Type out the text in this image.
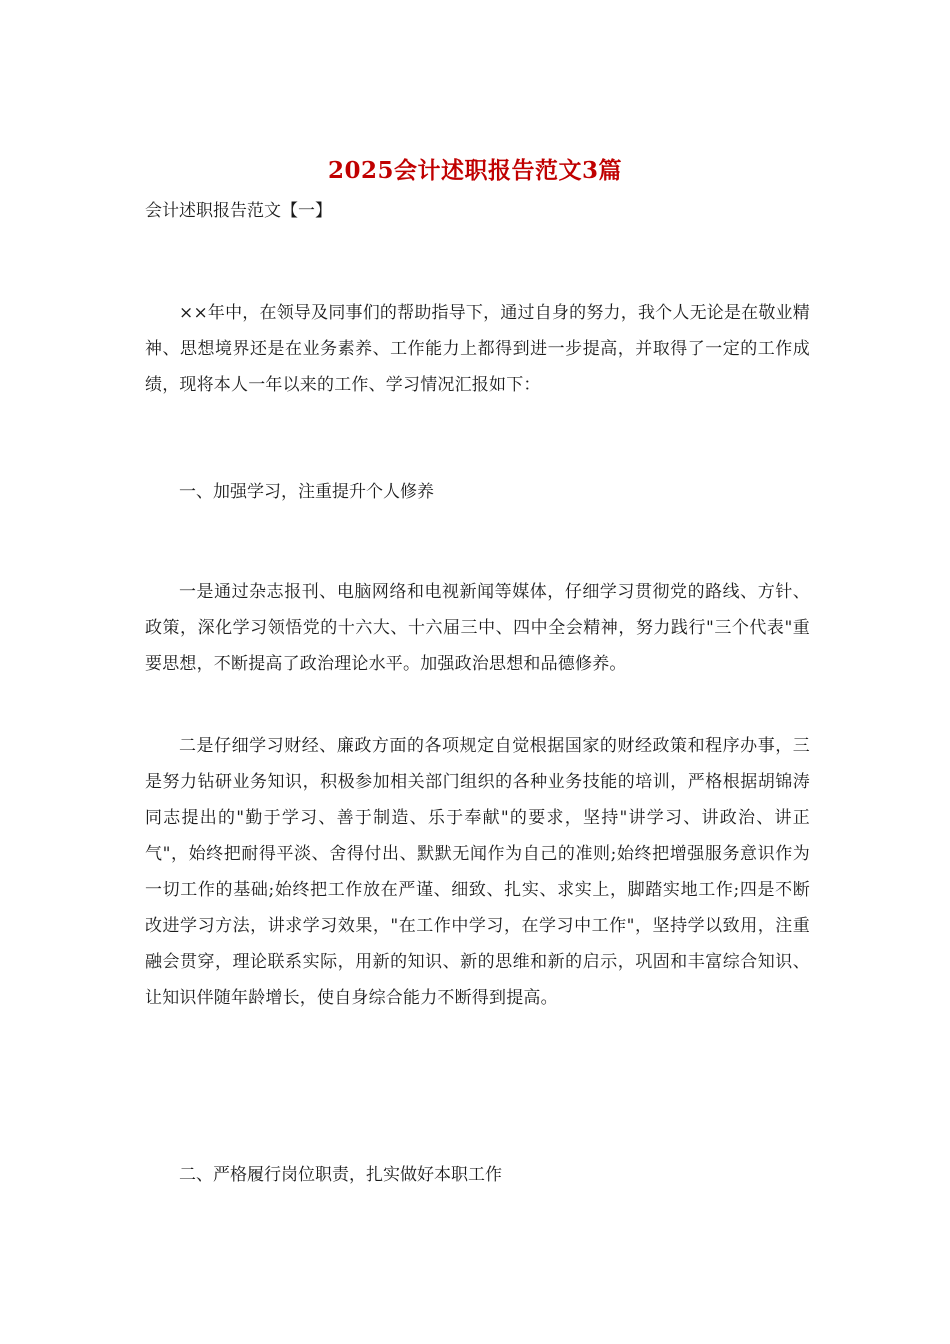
2025会计述职报告范文3篇
会计述职报告范文【一】
××年中，在领导及同事们的帮助指导下，通过自身的努力，我个人无论是在敬业精神、思想境界还是在业务素养、工作能力上都得到进一步提高，并取得了一定的工作成绩，现将本人一年以来的工作、学习情况汇报如下：
一、加强学习，注重提升个人修养
一是通过杂志报刊、电脑网络和电视新闻等媒体，仔细学习贯彻党的路线、方针、政策，深化学习领悟党的十六大、十六届三中、四中全会精神，努力践行"三个代表"重要思想，不断提高了政治理论水平。加强政治思想和品德修养。
二是仔细学习财经、廉政方面的各项规定自觉根据国家的财经政策和程序办事，三是努力钻研业务知识，积极参加相关部门组织的各种业务技能的培训，严格根据胡锦涛同志提出的"勤于学习、善于制造、乐于奉献"的要求，坚持"讲学习、讲政治、讲正气"，始终把耐得平淡、舍得付出、默默无闻作为自己的准则;始终把增强服务意识作为一切工作的基础;始终把工作放在严谨、细致、扎实、求实上，脚踏实地工作;四是不断改进学习方法，讲求学习效果，"在工作中学习，在学习中工作"，坚持学以致用，注重融会贯穿，理论联系实际，用新的知识、新的思维和新的启示，巩固和丰富综合知识、让知识伴随年龄增长，使自身综合能力不断得到提高。
二、严格履行岗位职责，扎实做好本职工作
